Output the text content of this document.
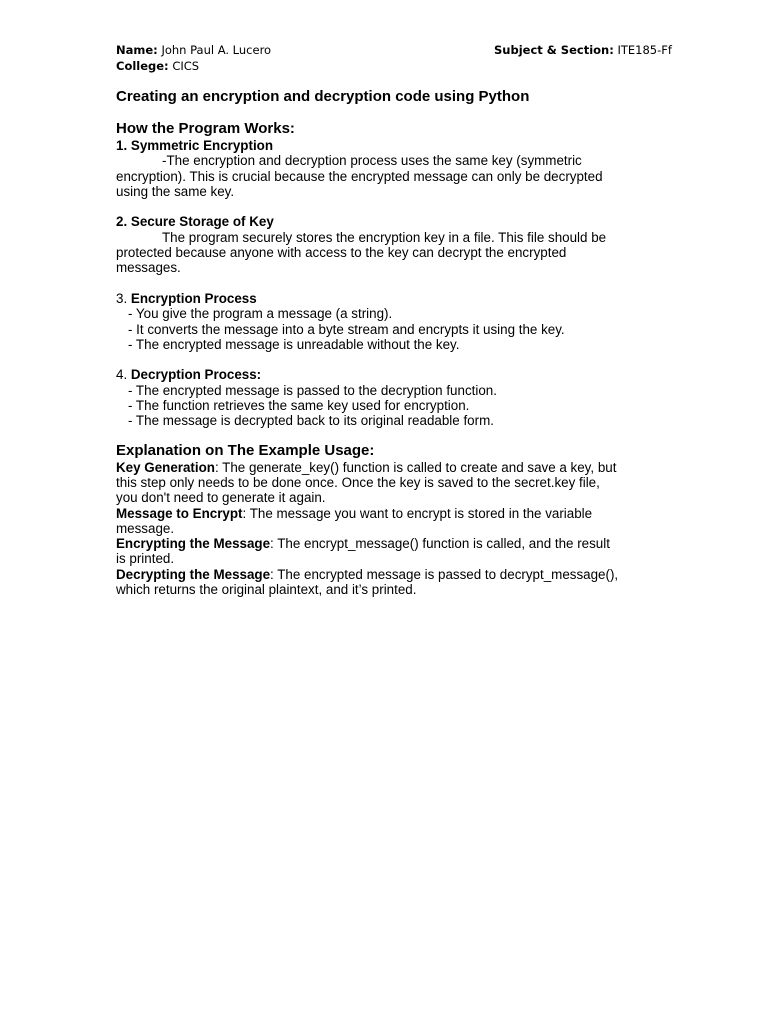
Name: John Paul A. Lucero	Subject & Section: ITE185-Ff
College: CICS
Creating an encryption and decryption code using Python
How the Program Works:
1. Symmetric Encryption
-The encryption and decryption process uses the same key (symmetric
encryption). This is crucial because the encrypted message can only be decrypted
using the same key.
2. Secure Storage of Key
The program securely stores the encryption key in a file. This file should be
protected because anyone with access to the key can decrypt the encrypted
messages.
3. Encryption Process
- You give the program a message (a string).
- It converts the message into a byte stream and encrypts it using the key.
- The encrypted message is unreadable without the key.
4. Decryption Process:
- The encrypted message is passed to the decryption function.
- The function retrieves the same key used for encryption.
- The message is decrypted back to its original readable form.
Explanation on The Example Usage:
Key Generation: The generate_key() function is called to create and save a key, but
this step only needs to be done once. Once the key is saved to the secret.key file,
you don't need to generate it again.
Message to Encrypt: The message you want to encrypt is stored in the variable
message.
Encrypting the Message: The encrypt_message() function is called, and the result
is printed.
Decrypting the Message: The encrypted message is passed to decrypt_message(),
which returns the original plaintext, and it’s printed.
